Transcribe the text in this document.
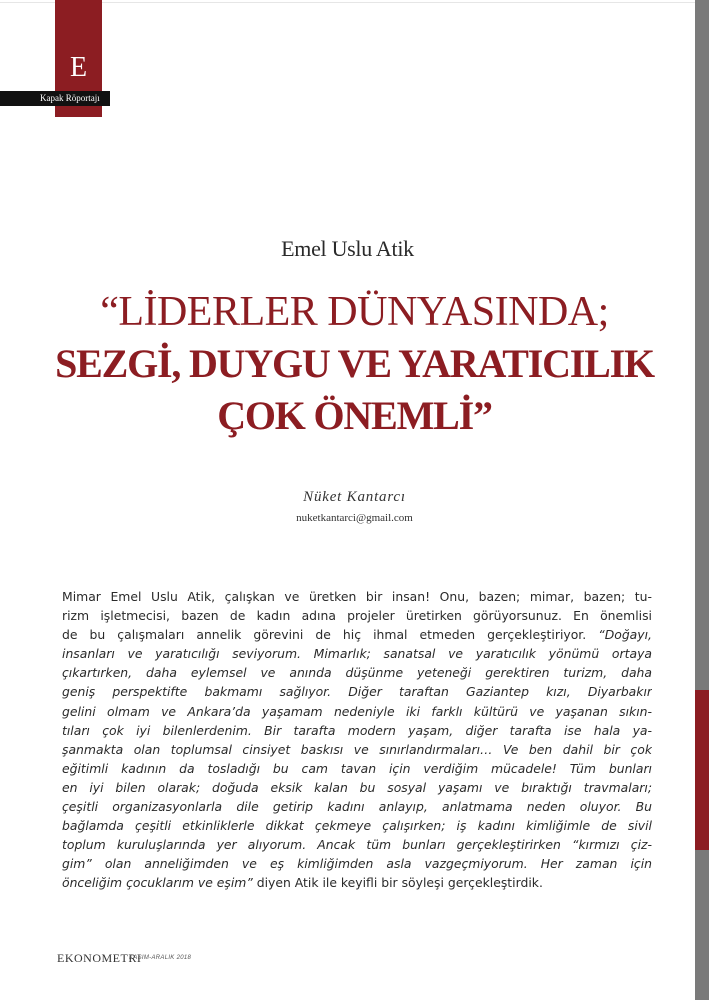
E
Kapak Röportajı
Emel Uslu Atik
“LİDERLER DÜNYASINDA;
SEZGİ, DUYGU VE YARATICILIK
ÇOK ÖNEMLİ”
Nüket Kantarcı
nuketkantarci@gmail.com
Mimar Emel Uslu Atik, çalışkan ve üretken bir insan! Onu, bazen; mimar, bazen; tu-
rizm işletmecisi, bazen de kadın adına projeler üretirken görüyorsunuz. En önemlisi
de bu çalışmaları annelik görevini de hiç ihmal etmeden gerçekleştiriyor. “Doğayı,
insanları ve yaratıcılığı seviyorum. Mimarlık; sanatsal ve yaratıcılık yönümü ortaya
çıkartırken, daha eylemsel ve anında düşünme yeteneği gerektiren turizm, daha
geniş perspektifte bakmamı sağlıyor. Diğer taraftan Gaziantep kızı, Diyarbakır
gelini olmam ve Ankara’da yaşamam nedeniyle iki farklı kültürü ve yaşanan sıkın-
tıları çok iyi bilenlerdenim. Bir tarafta modern yaşam, diğer tarafta ise hala ya-
şanmakta olan toplumsal cinsiyet baskısı ve sınırlandırmaları… Ve ben dahil bir çok
eğitimli kadının da tosladığı bu cam tavan için verdiğim mücadele! Tüm bunları
en iyi bilen olarak; doğuda eksik kalan bu sosyal yaşamı ve bıraktığı travmaları;
çeşitli organizasyonlarla dile getirip kadını anlayıp, anlatmama neden oluyor. Bu
bağlamda çeşitli etkinliklerle dikkat çekmeye çalışırken; iş kadını kimliğimle de sivil
toplum kuruluşlarında yer alıyorum. Ancak tüm bunları gerçekleştirirken “kırmızı çiz-
gim” olan anneliğimden ve eş kimliğimden asla vazgeçmiyorum. Her zaman için
önceliğim çocuklarım ve eşim” diyen Atik ile keyifli bir söyleşi gerçekleştirdik.
EKONOMETRI
KASIM-ARALIK 2018
